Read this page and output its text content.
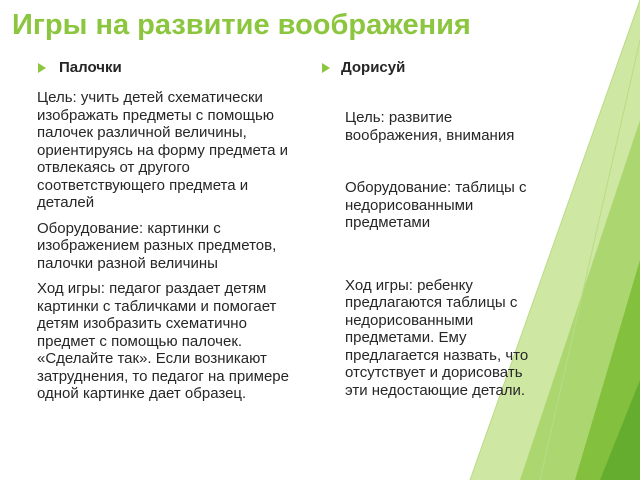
Игры на развитие воображения
Палочки

Цель: учить детей схематически изображать предметы с помощью палочек различной величины, ориентируясь на форму предмета и отвлекаясь от другого соответствующего предмета и деталей

Оборудование: картинки с изображением разных предметов, палочки разной величины

Ход игры: педагог раздает детям картинки с табличками и помогает детям изобразить схематично предмет с помощью палочек. «Сделайте так». Если возникают затруднения, то педагог на примере одной картинке дает образец.

Дорисуй

Цель: развитие воображения, внимания

Оборудование: таблицы с недорисованными предметами

Ход игры: ребенку предлагаются таблицы с недорисованными предметами. Ему предлагается назвать, что отсутствует и дорисовать эти недостающие детали.
